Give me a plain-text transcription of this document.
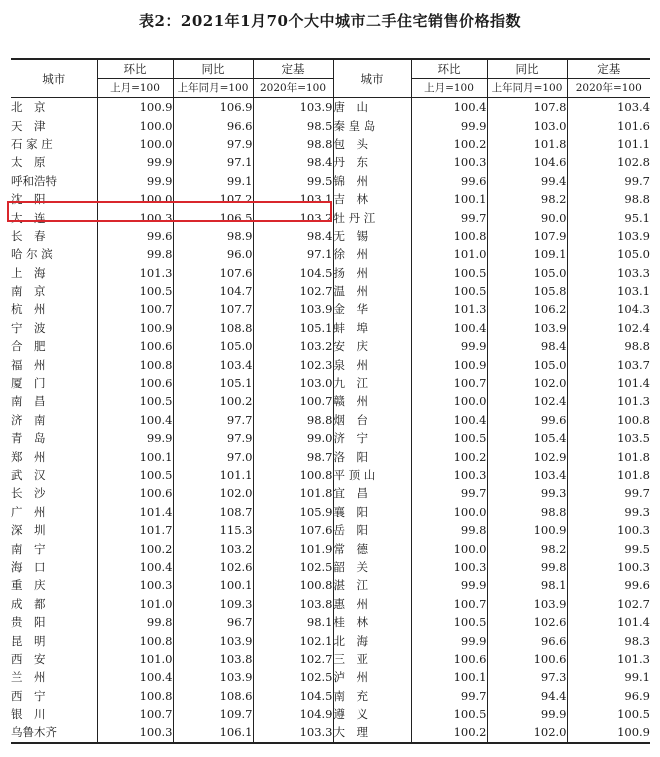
表2：2021年1月70个大中城市二手住宅销售价格指数
城市	环比	同比	定基	城市	环比	同比	定基
	上月=100	上年同月=100	2020年=100		上月=100	上年同月=100	2020年=100
北　京	100.9	106.9	103.9	唐　山	100.4	107.8	103.4
天　津	100.0	96.6	98.5	秦 皇 岛	99.9	103.0	101.6
石 家 庄	100.0	97.9	98.8	包　头	100.2	101.8	101.1
太　原	99.9	97.1	98.4	丹　东	100.3	104.6	102.8
呼和浩特	99.9	99.1	99.5	锦　州	99.6	99.4	99.7
沈　阳	100.0	107.2	103.1	吉　林	100.1	98.2	98.8
大　连	100.3	106.5	103.2	牡 丹 江	99.7	90.0	95.1
长　春	99.6	98.9	98.4	无　锡	100.8	107.9	103.9
哈 尔 滨	99.8	96.0	97.1	徐　州	101.0	109.1	105.0
上　海	101.3	107.6	104.5	扬　州	100.5	105.0	103.3
南　京	100.5	104.7	102.7	温　州	100.5	105.8	103.1
杭　州	100.7	107.7	103.9	金　华	101.3	106.2	104.3
宁　波	100.9	108.8	105.1	蚌　埠	100.4	103.9	102.4
合　肥	100.6	105.0	103.2	安　庆	99.9	98.4	98.8
福　州	100.8	103.4	102.3	泉　州	100.9	105.0	103.7
厦　门	100.6	105.1	103.0	九　江	100.7	102.0	101.4
南　昌	100.5	100.2	100.7	赣　州	100.0	102.4	101.3
济　南	100.4	97.7	98.8	烟　台	100.4	99.6	100.8
青　岛	99.9	97.9	99.0	济　宁	100.5	105.4	103.5
郑　州	100.1	97.0	98.7	洛　阳	100.2	102.9	101.8
武　汉	100.5	101.1	100.8	平 顶 山	100.3	103.4	101.8
长　沙	100.6	102.0	101.8	宜　昌	99.7	99.3	99.7
广　州	101.4	108.7	105.9	襄　阳	100.0	98.8	99.3
深　圳	101.7	115.3	107.6	岳　阳	99.8	100.9	100.3
南　宁	100.2	103.2	101.9	常　德	100.0	98.2	99.5
海　口	100.4	102.6	102.5	韶　关	100.3	99.8	100.3
重　庆	100.3	100.1	100.8	湛　江	99.9	98.1	99.6
成　都	101.0	109.3	103.8	惠　州	100.7	103.9	102.7
贵　阳	99.8	96.7	98.1	桂　林	100.5	102.6	101.4
昆　明	100.8	103.9	102.1	北　海	99.9	96.6	98.3
西　安	101.0	103.8	102.7	三　亚	100.6	100.6	101.3
兰　州	100.4	103.9	102.5	泸　州	100.1	97.3	99.1
西　宁	100.8	108.6	104.5	南　充	99.7	94.4	96.9
银　川	100.7	109.7	104.9	遵　义	100.5	99.9	100.5
乌鲁木齐	100.3	106.1	103.3	大　理	100.2	102.0	100.9
